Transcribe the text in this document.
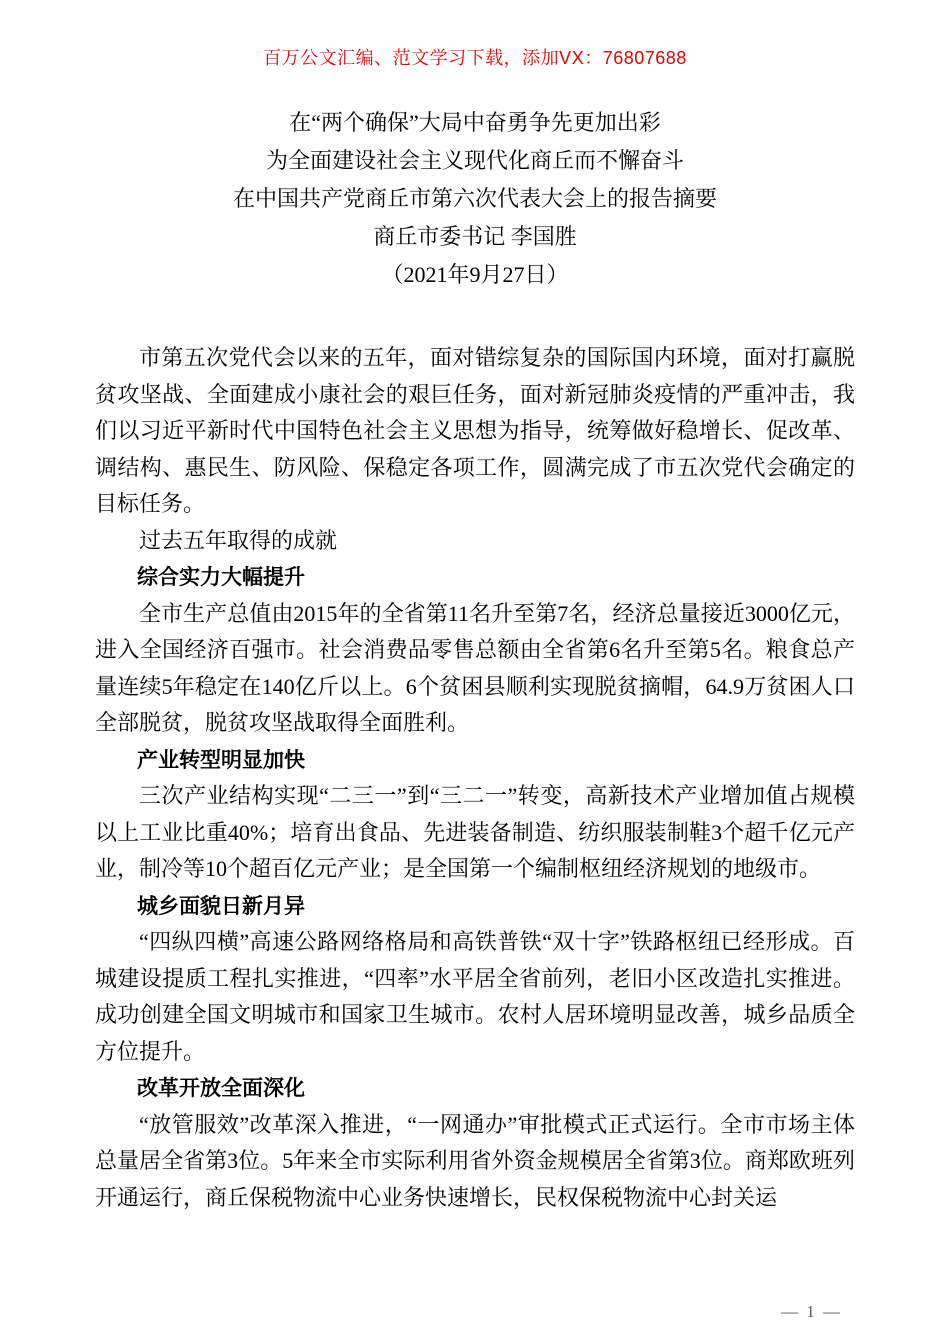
百万公文汇编、范文学习下载，添加VX：76807688
在“两个确保”大局中奋勇争先更加出彩
为全面建设社会主义现代化商丘而不懈奋斗
在中国共产党商丘市第六次代表大会上的报告摘要
商丘市委书记 李国胜
（2021年9月27日）
市第五次党代会以来的五年，面对错综复杂的国际国内环境，面对打赢脱贫攻坚战、全面建成小康社会的艰巨任务，面对新冠肺炎疫情的严重冲击，我们以习近平新时代中国特色社会主义思想为指导，统筹做好稳增长、促改革、调结构、惠民生、防风险、保稳定各项工作，圆满完成了市五次党代会确定的目标任务。
过去五年取得的成就
综合实力大幅提升
全市生产总值由2015年的全省第11名升至第7名，经济总量接近3000亿元，进入全国经济百强市。社会消费品零售总额由全省第6名升至第5名。粮食总产量连续5年稳定在140亿斤以上。6个贫困县顺利实现脱贫摘帽，64.9万贫困人口全部脱贫，脱贫攻坚战取得全面胜利。
产业转型明显加快
三次产业结构实现“二三一”到“三二一”转变，高新技术产业增加值占规模以上工业比重40%；培育出食品、先进装备制造、纺织服装制鞋3个超千亿元产业，制冷等10个超百亿元产业；是全国第一个编制枢纽经济规划的地级市。
城乡面貌日新月异
“四纵四横”高速公路网络格局和高铁普铁“双十字”铁路枢纽已经形成。百城建设提质工程扎实推进，“四率”水平居全省前列，老旧小区改造扎实推进。成功创建全国文明城市和国家卫生城市。农村人居环境明显改善，城乡品质全方位提升。
改革开放全面深化
“放管服效”改革深入推进，“一网通办”审批模式正式运行。全市市场主体总量居全省第3位。5年来全市实际利用省外资金规模居全省第3位。商郑欧班列开通运行，商丘保税物流中心业务快速增长，民权保税物流中心封关运
— 1 —
